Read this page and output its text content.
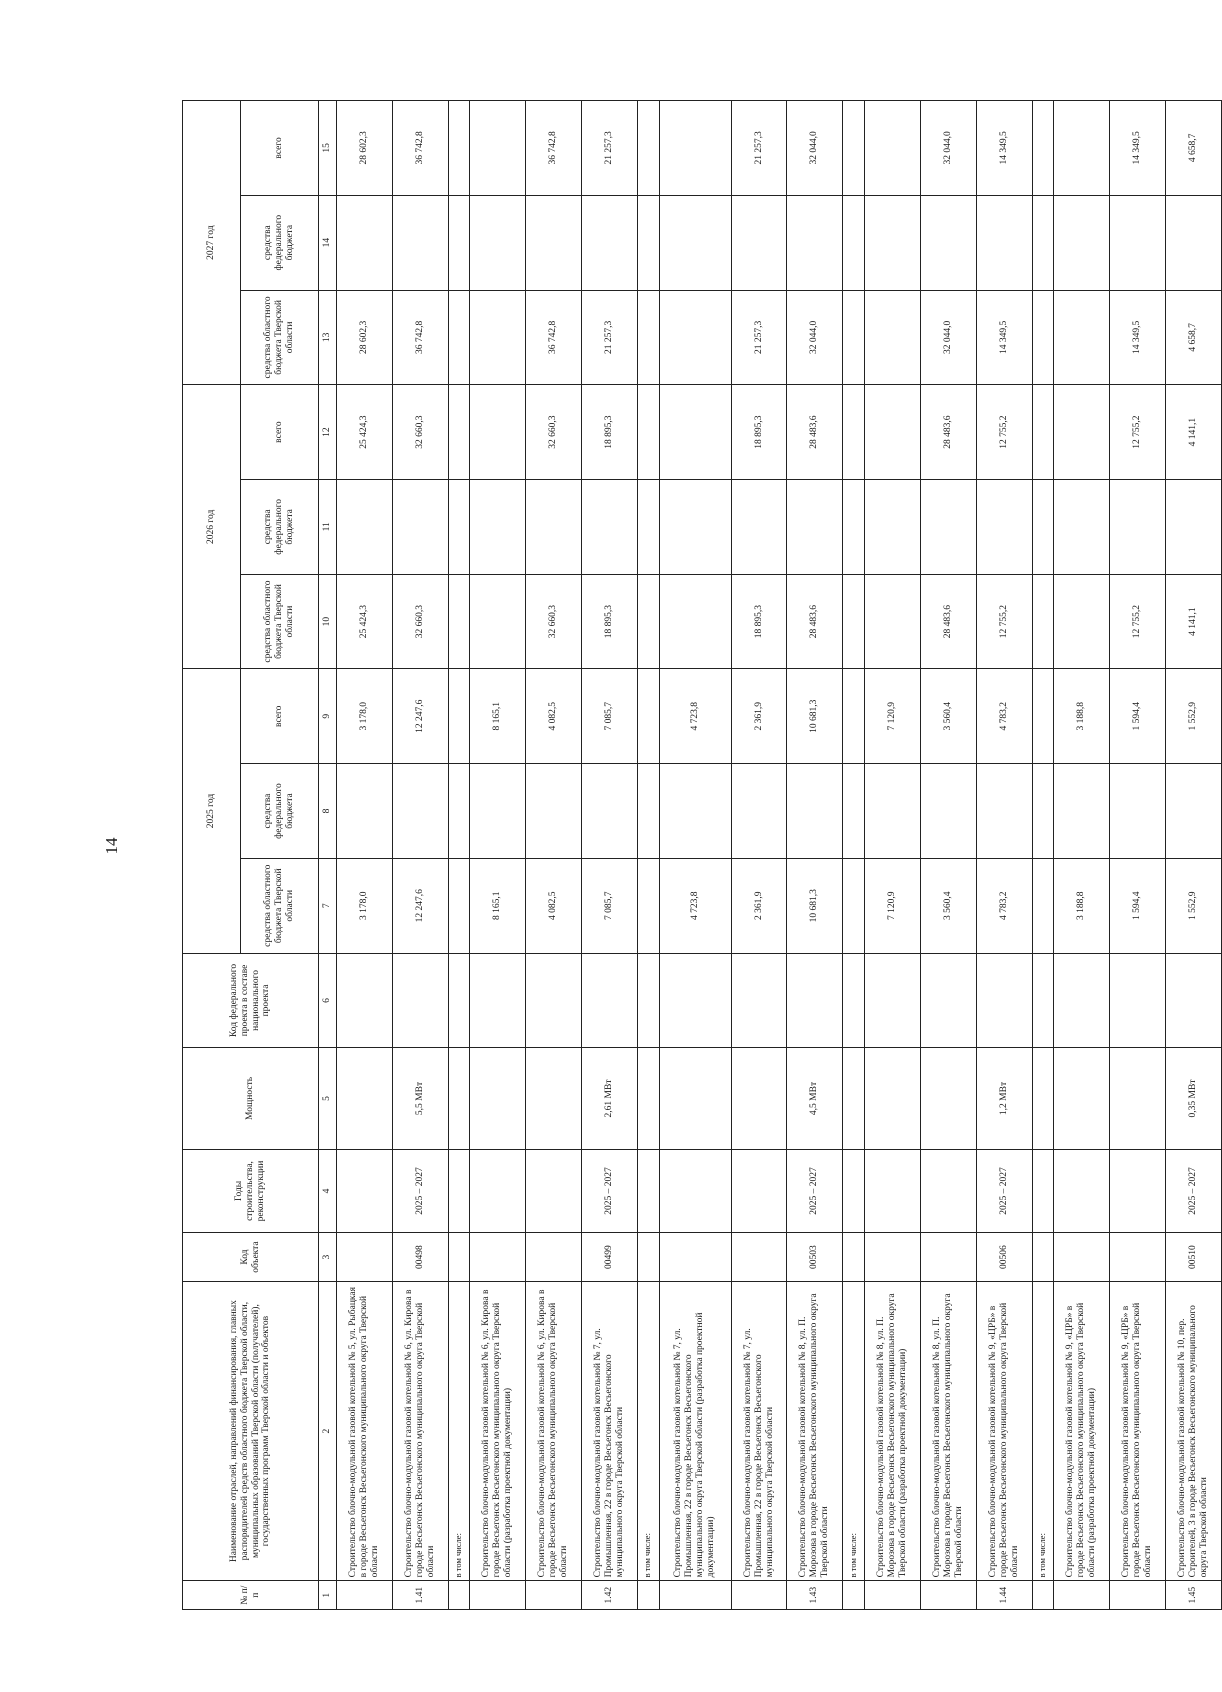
14
№ п/п	Наименование отраслей, направлений финансирования, главных распорядителей средств областного бюджета Тверской области, муниципальных образований Тверской области (получателей), государственных программ Тверской области и объектов	Код объекта	Годы строительства, реконструкции	Мощность	Код федерального проекта в составе национального проекта	2025 год			2026 год			2027 год		
						средства областного бюджета Тверской области	средства федерального бюджета	всего	средства областного бюджета Тверской области	средства федерального бюджета	всего	средства областного бюджета Тверской области	средства федерального бюджета	всего
1	2	3	4	5	6	7	8	9	10	11	12	13	14	15
	Строительство блочно-модульной газовой котельной № 5, ул. Рыбацкая в городе Весьегонск Весьегонского муниципального округа Тверской области					3 178,0		3 178,0	25 424,3		25 424,3	28 602,3		28 602,3
1.41	Строительство блочно-модульной газовой котельной № 6, ул. Кирова в городе Весьегонск Весьегонского муниципального округа Тверской области	00498	2025 – 2027	5,5 МВт		12 247,6		12 247,6	32 660,3		32 660,3	36 742,8		36 742,8
	в том числе:													
	Строительство блочно-модульной газовой котельной № 6, ул. Кирова в городе Весьегонск Весьегонского муниципального округа Тверской области (разработка проектной документации)					8 165,1		8 165,1						
	Строительство блочно-модульной газовой котельной № 6, ул. Кирова в городе Весьегонск Весьегонского муниципального округа Тверской области					4 082,5		4 082,5	32 660,3		32 660,3	36 742,8		36 742,8
1.42	Строительство блочно-модульной газовой котельной № 7, ул. Промышленная, 22 в городе Весьегонск Весьегонского муниципального округа Тверской области	00499	2025 – 2027	2,61 МВт		7 085,7		7 085,7	18 895,3		18 895,3	21 257,3		21 257,3
	в том числе:													
	Строительство блочно-модульной газовой котельной № 7, ул. Промышленная, 22 в городе Весьегонск Весьегонского муниципального округа Тверской области (разработка проектной документации)					4 723,8		4 723,8						
	Строительство блочно-модульной газовой котельной № 7, ул. Промышленная, 22 в городе Весьегонск Весьегонского муниципального округа Тверской области					2 361,9		2 361,9	18 895,3		18 895,3	21 257,3		21 257,3
1.43	Строительство блочно-модульной газовой котельной № 8, ул. П. Морозова в городе Весьегонск Весьегонского муниципального округа Тверской области	00503	2025 – 2027	4,5 МВт		10 681,3		10 681,3	28 483,6		28 483,6	32 044,0		32 044,0
	в том числе:													
	Строительство блочно-модульной газовой котельной № 8, ул. П. Морозова в городе Весьегонск Весьегонского муниципального округа Тверской области (разработка проектной документации)					7 120,9		7 120,9						
	Строительство блочно-модульной газовой котельной № 8, ул. П. Морозова в городе Весьегонск Весьегонского муниципального округа Тверской области					3 560,4		3 560,4	28 483,6		28 483,6	32 044,0		32 044,0
1.44	Строительство блочно-модульной газовой котельной № 9, «ЦРБ» в городе Весьегонск Весьегонского муниципального округа Тверской области	00506	2025 – 2027	1,2 МВт		4 783,2		4 783,2	12 755,2		12 755,2	14 349,5		14 349,5
	в том числе:													
	Строительство блочно-модульной газовой котельной № 9, «ЦРБ» в городе Весьегонск Весьегонского муниципального округа Тверской области (разработка проектной документации)					3 188,8		3 188,8						
	Строительство блочно-модульной газовой котельной № 9, «ЦРБ» в городе Весьегонск Весьегонского муниципального округа Тверской области					1 594,4		1 594,4	12 755,2		12 755,2	14 349,5		14 349,5
1.45	Строительство блочно-модульной газовой котельной № 10, пер. Строителей, 3 в городе Весьегонск Весьегонского муниципального округа Тверской области	00510	2025 – 2027	0,35 МВт		1 552,9		1 552,9	4 141,1		4 141,1	4 658,7		4 658,7
